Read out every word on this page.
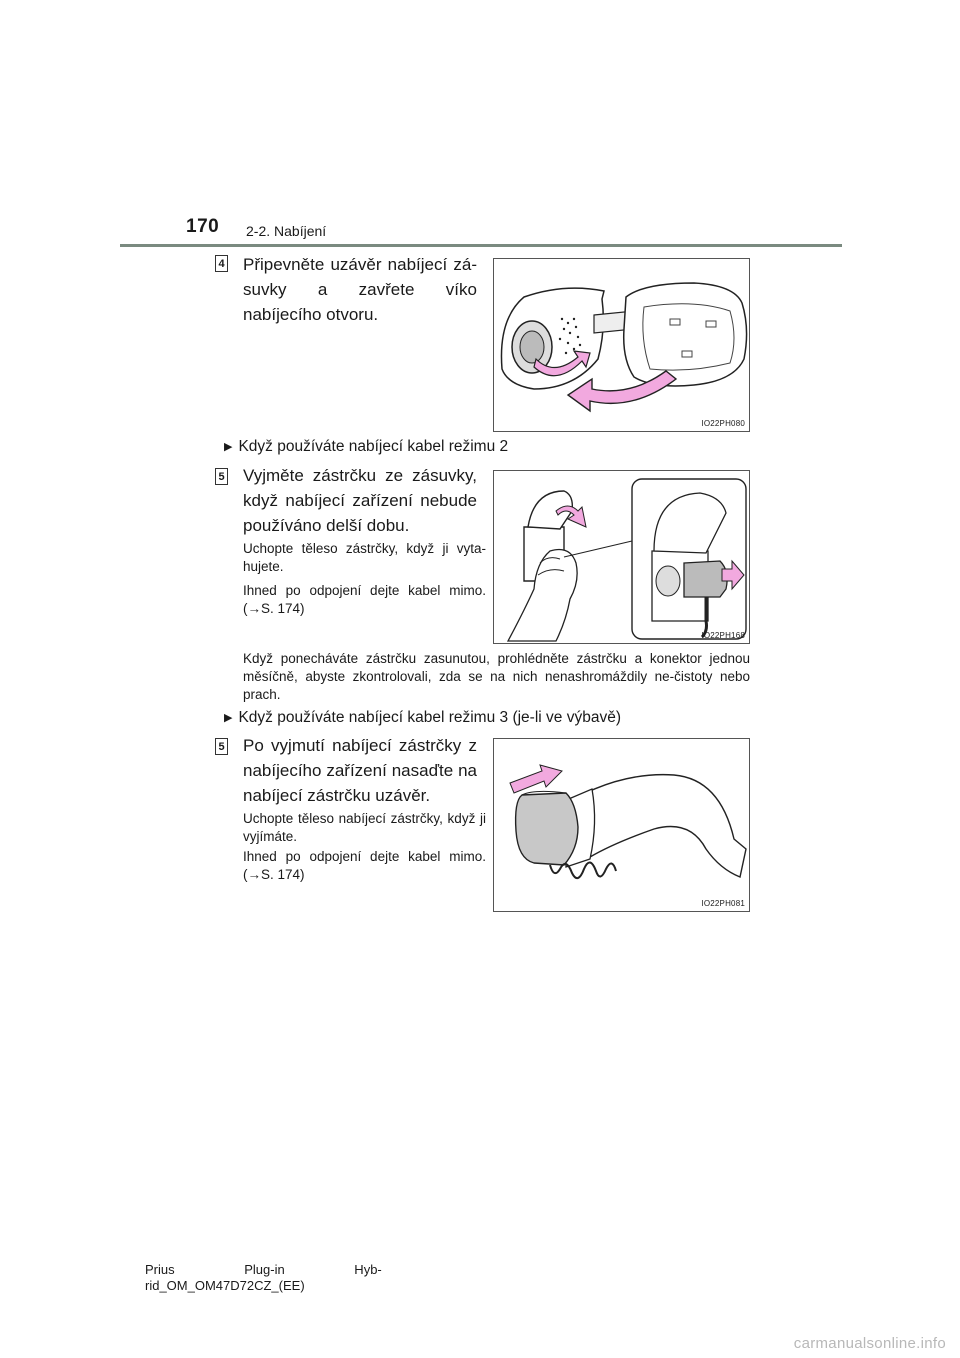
170 2-2. Nabíjení
4 Připevněte uzávěr nabíjecí zá-suvky a zavřete víko nabíjecího otvoru.
IO22PH080
▶ Když používáte nabíjecí kabel režimu 2
5 Vyjměte zástrčku ze zásuvky, když nabíjecí zařízení nebude používáno delší dobu.
Uchopte těleso zástrčky, když ji vyta-hujete.
Ihned po odpojení dejte kabel mimo. (→S. 174)
IO22PH168
Když ponecháváte zástrčku zasunutou, prohlédněte zástrčku a konektor jednou měsíčně, abyste zkontrolovali, zda se na nich nenashromáždily ne-čistoty nebo prach.
▶ Když používáte nabíjecí kabel režimu 3 (je-li ve výbavě)
5 Po vyjmutí nabíjecí zástrčky z nabíjecího zařízení nasaďte na nabíjecí zástrčku uzávěr.
Uchopte těleso nabíjecí zástrčky, když ji vyjímáte.
Ihned po odpojení dejte kabel mimo. (→S. 174)
IO22PH081
Prius Plug-in Hyb-
rid_OM_OM47D72CZ_(EE)
carmanualsonline.info
